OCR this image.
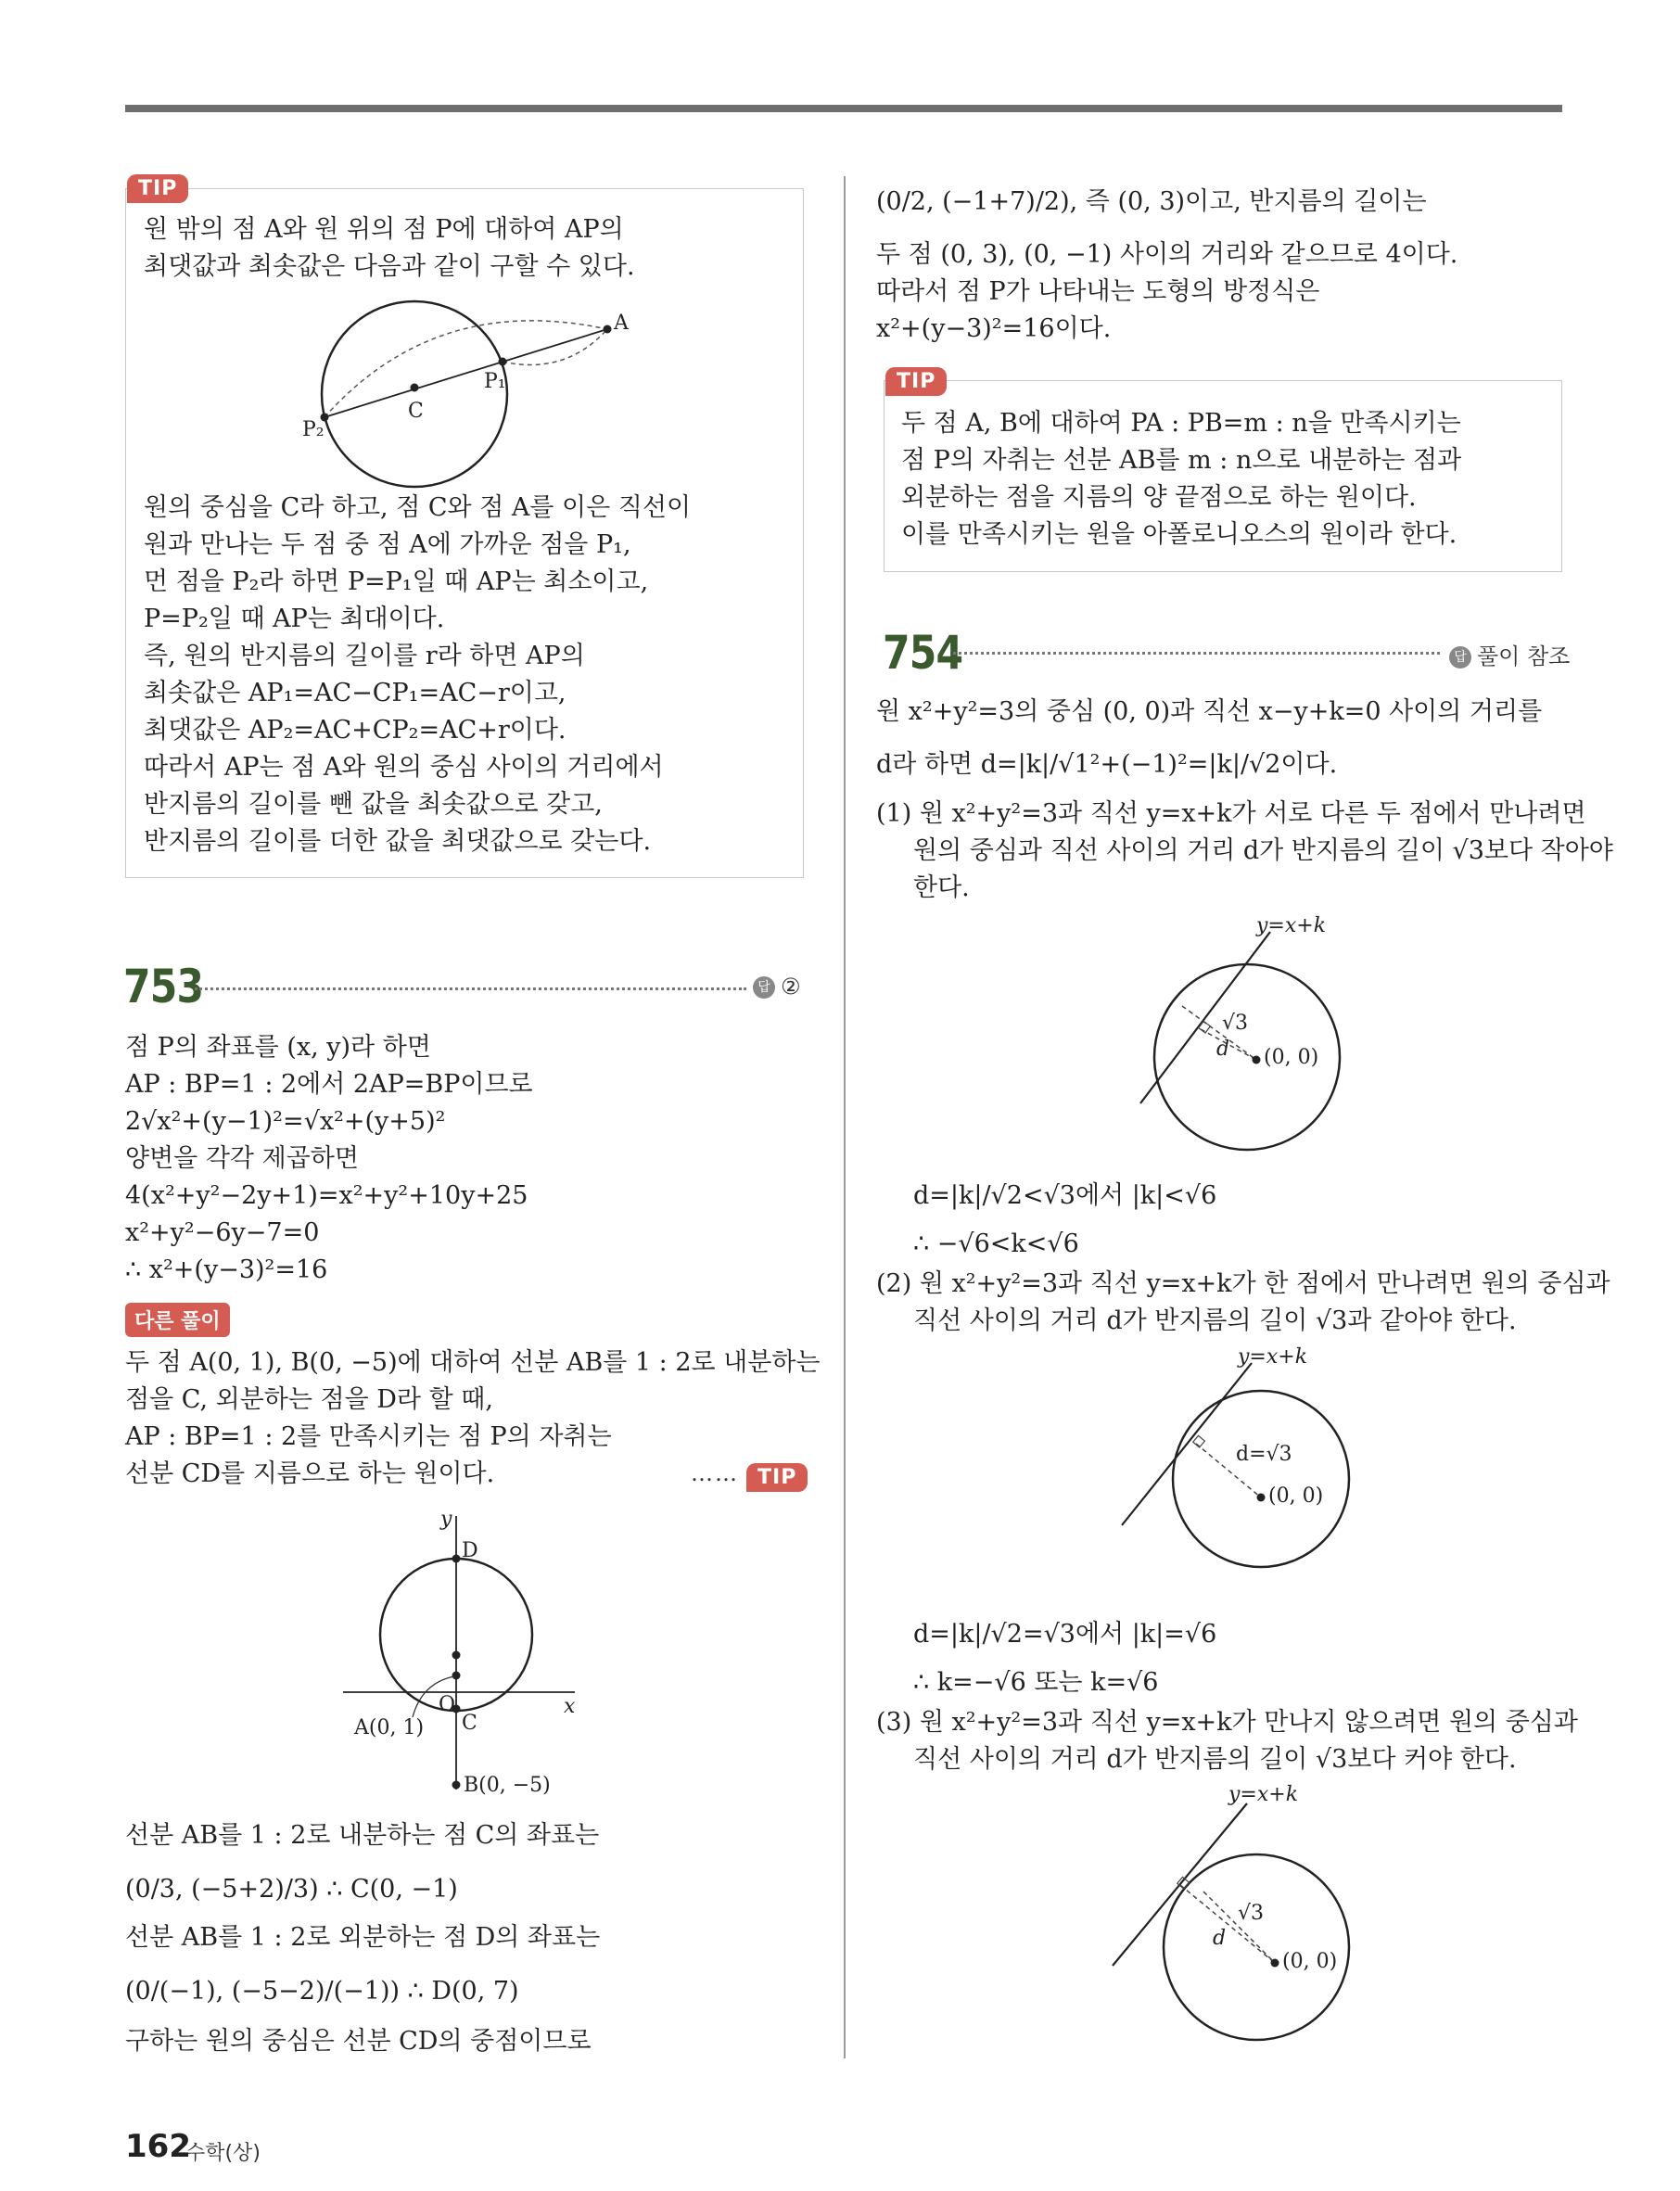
TIP
원 밖의 점 A와 원 위의 점 P에 대하여 AP의
최댓값과 최솟값은 다음과 같이 구할 수 있다.
A
C
P₁
P₂
원의 중심을 C라 하고, 점 C와 점 A를 이은 직선이
원과 만나는 두 점 중 점 A에 가까운 점을 P₁,
먼 점을 P₂라 하면 P=P₁일 때 AP는 최소이고,
P=P₂일 때 AP는 최대이다.
즉, 원의 반지름의 길이를 r라 하면 AP의
최솟값은 AP₁=AC−CP₁=AC−r이고,
최댓값은 AP₂=AC+CP₂=AC+r이다.
따라서 AP는 점 A와 원의 중심 사이의 거리에서
반지름의 길이를 뺀 값을 최솟값으로 갖고,
반지름의 길이를 더한 값을 최댓값으로 갖는다.
753	답 ②
점 P의 좌표를 (x, y)라 하면
AP : BP=1 : 2에서 2AP=BP이므로
2√x²+(y−1)²=√x²+(y+5)²
양변을 각각 제곱하면
4(x²+y²−2y+1)=x²+y²+10y+25
x²+y²−6y−7=0
∴ x²+(y−3)²=16
다른 풀이
두 점 A(0, 1), B(0, −5)에 대하여 선분 AB를 1 : 2로 내분하는
점을 C, 외분하는 점을 D라 할 때,
AP : BP=1 : 2를 만족시키는 점 P의 자취는
선분 CD를 지름으로 하는 원이다.	…… TIP
y
x
D
O
C
A(0, 1)
B(0, −5)
선분 AB를 1 : 2로 내분하는 점 C의 좌표는
(0/3, (−5+2)/3) ∴ C(0, −1)
선분 AB를 1 : 2로 외분하는 점 D의 좌표는
(0/(−1), (−5−2)/(−1)) ∴ D(0, 7)
구하는 원의 중심은 선분 CD의 중점이므로
(0/2, (−1+7)/2), 즉 (0, 3)이고, 반지름의 길이는
두 점 (0, 3), (0, −1) 사이의 거리와 같으므로 4이다.
따라서 점 P가 나타내는 도형의 방정식은
x²+(y−3)²=16이다.
TIP
두 점 A, B에 대하여 PA : PB=m : n을 만족시키는
점 P의 자취는 선분 AB를 m : n으로 내분하는 점과
외분하는 점을 지름의 양 끝점으로 하는 원이다.
이를 만족시키는 원을 아폴로니오스의 원이라 한다.
754	답 풀이 참조
원 x²+y²=3의 중심 (0, 0)과 직선 x−y+k=0 사이의 거리를
d라 하면 d=|k|/√1²+(−1)²=|k|/√2이다.
(1) 원 x²+y²=3과 직선 y=x+k가 서로 다른 두 점에서 만나려면
원의 중심과 직선 사이의 거리 d가 반지름의 길이 √3보다 작아야
한다.
y=x+k
√3
d (0, 0)
d=|k|/√2<√3에서 |k|<√6
∴ −√6<k<√6
(2) 원 x²+y²=3과 직선 y=x+k가 한 점에서 만나려면 원의 중심과
직선 사이의 거리 d가 반지름의 길이 √3과 같아야 한다.
y=x+k
d=√3
(0, 0)
d=|k|/√2=√3에서 |k|=√6
∴ k=−√6 또는 k=√6
(3) 원 x²+y²=3과 직선 y=x+k가 만나지 않으려면 원의 중심과
직선 사이의 거리 d가 반지름의 길이 √3보다 커야 한다.
y=x+k
√3
d
(0, 0)
162
수학(상)
